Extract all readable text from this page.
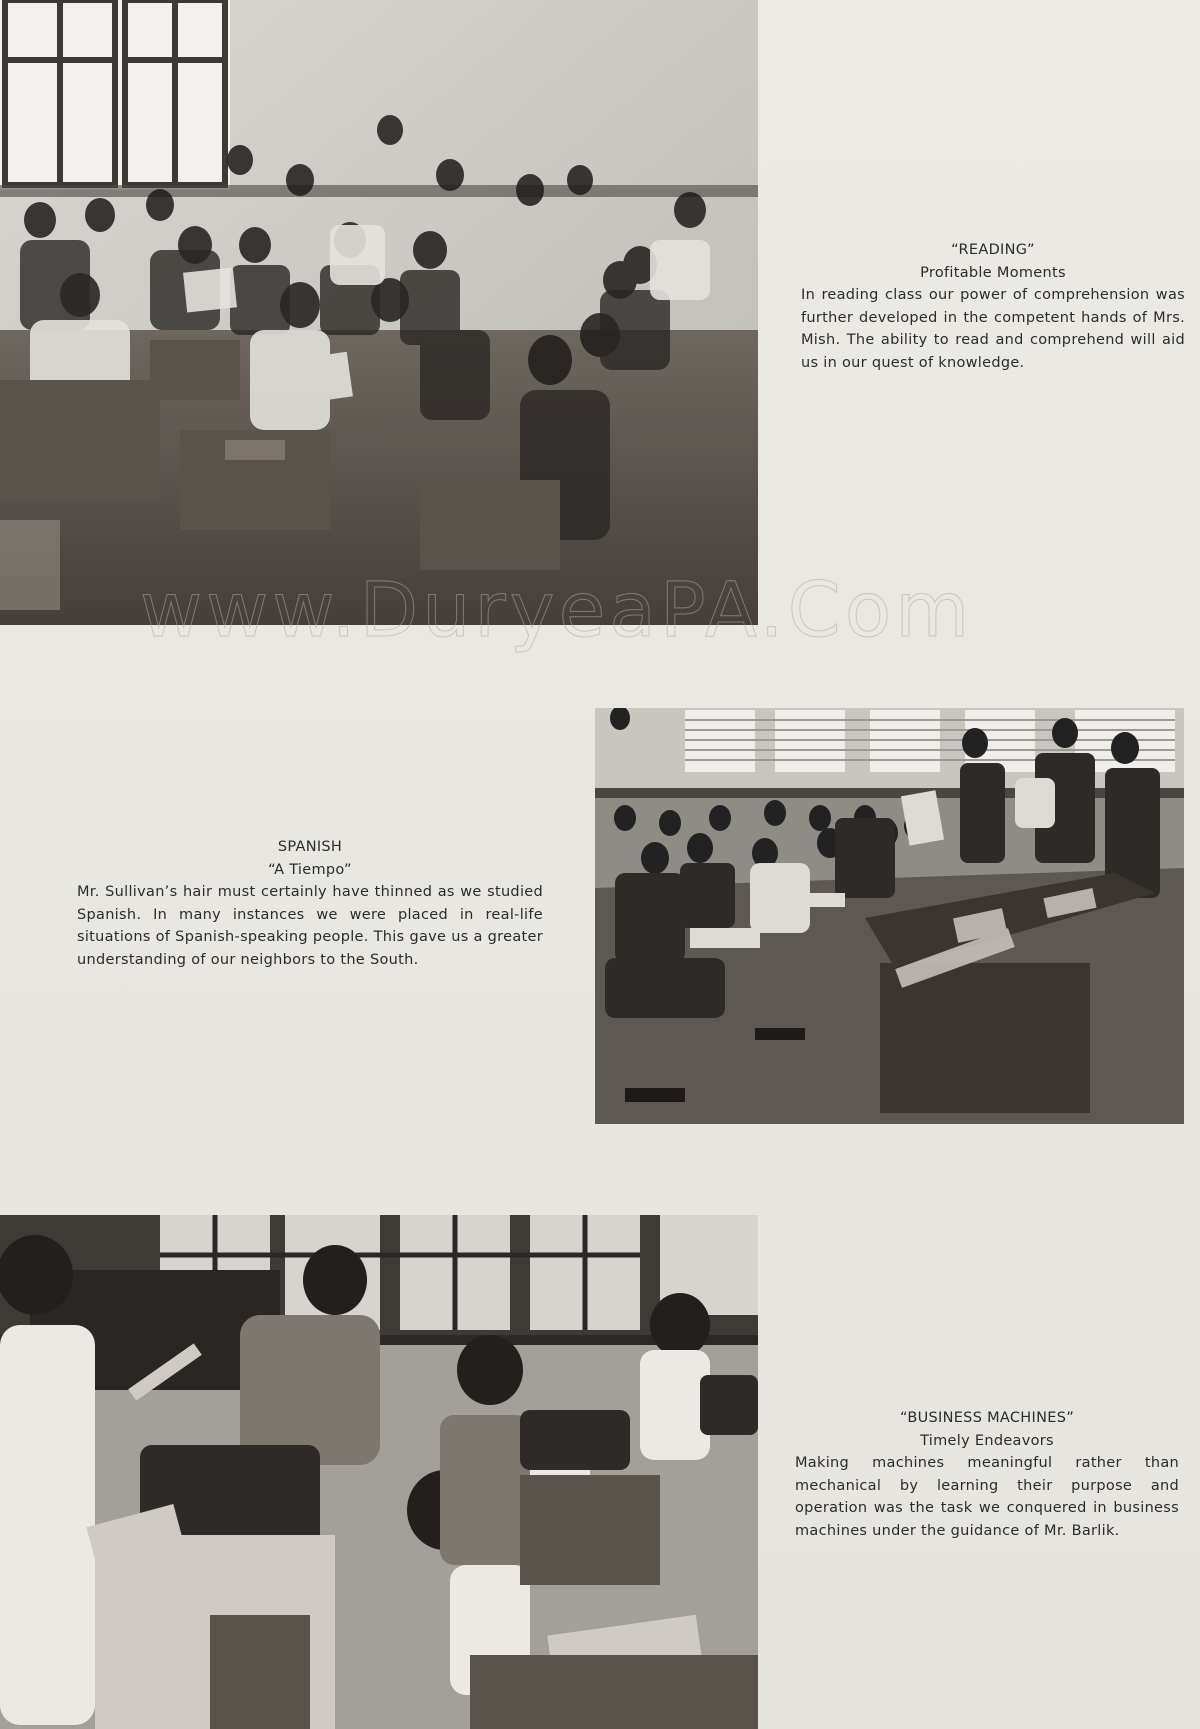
“READING”
Profitable Moments
In reading class our power of comprehension was further developed in the competent hands of Mrs. Mish. The ability to read and comprehend will aid us in our quest of knowledge.
www.DuryeaPA.Com
SPANISH
“A Tiempo”
Mr. Sullivan’s hair must certainly have thinned as we studied Spanish. In many instances we were placed in real-life situations of Spanish-speaking people. This gave us a greater understanding of our neighbors to the South.
“BUSINESS MACHINES”
Timely Endeavors
Making machines meaningful rather than mechanical by learning their purpose and operation was the task we conquered in business machines under the guidance of Mr. Barlik.
